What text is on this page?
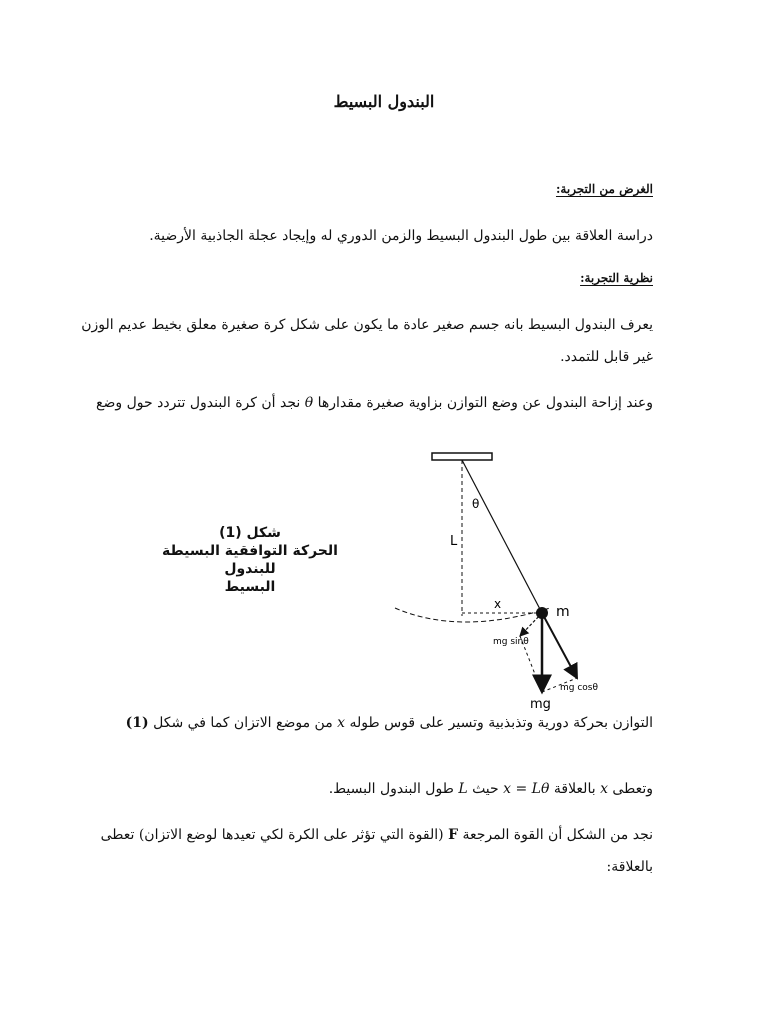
البندول البسيط
الغرض من التجربة:
دراسة العلاقة بين طول البندول البسيط والزمن الدوري له وإيجاد عجلة الجاذبية الأرضية.
نظرية التجربة:
يعرف البندول البسيط بانه جسم صغير عادة ما يكون على شكل كرة صغيرة معلق بخيط عديم الوزن
غير قابل للتمدد.
وعند إزاحة البندول عن وضع التوازن بزاوية صغيرة مقدارها θ نجد أن كرة البندول تتردد حول وضع
شكل (1)
الحركة التوافقية البسيطة للبندول
البسيط
θ
L
x	m
mg sinθ
mg
mg cosθ
التوازن بحركة دورية وتذبذبية وتسير على قوس طوله x من موضع الاتزان كما في شكل (1)
وتعطى x بالعلاقة x = Lθ حيث L طول البندول البسيط.
نجد من الشكل أن القوة المرجعة F (القوة التي تؤثر على الكرة لكي تعيدها لوضع الاتزان) تعطى
بالعلاقة:
